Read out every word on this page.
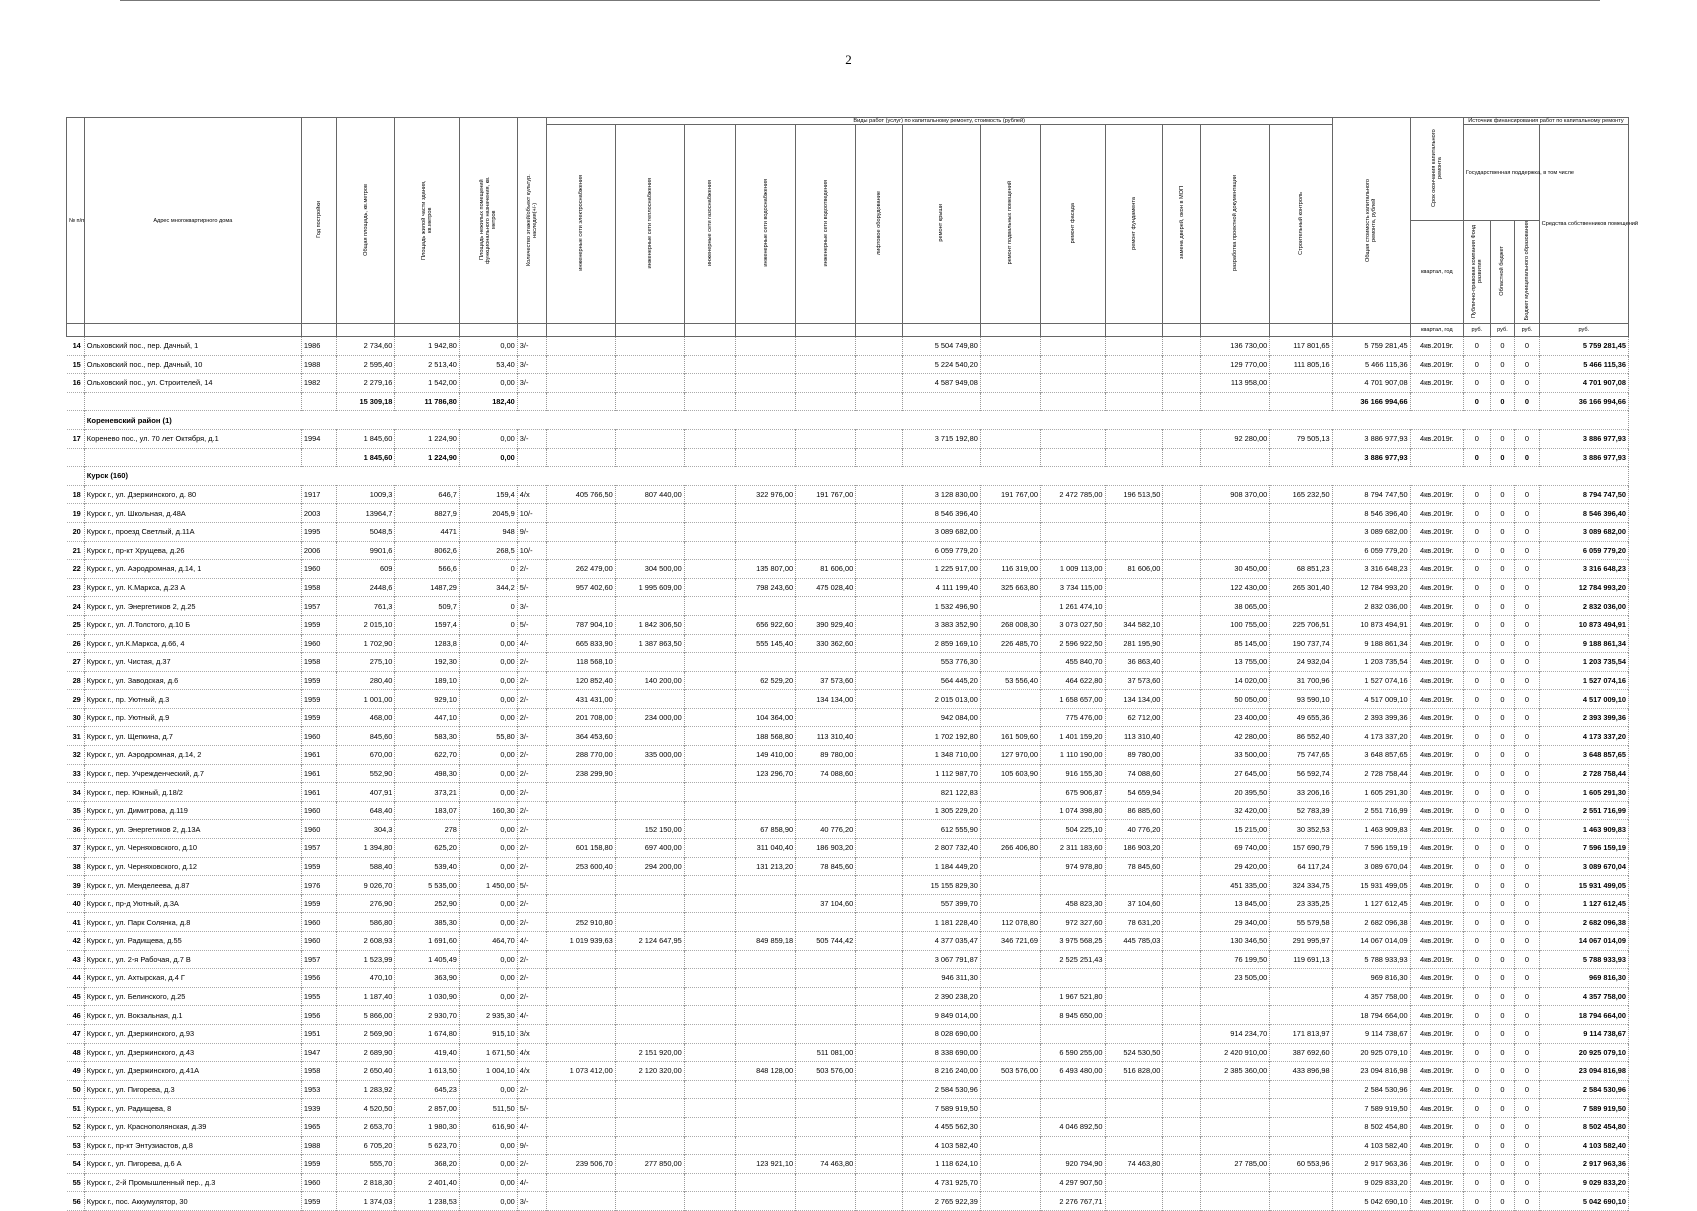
2
№ п/п	Адрес многоквартирного дома	Год постройки	Общая площадь, кв.метров	Площадь жилой части здания, кв.метров	Площадь нежилых помещений функционального назначения, кв. метров	Количество этажей/объект культур. наследия(+/-)	Виды работ (услуг) по капитальному ремонту, стоимость (рублей)													Общая стоимость капитального ремонта, рублей	Срок окончания капитального ремонта	Источник финансирования работ по капитальному ремонту			
							инженерные сети электроснабжения	инженерные сети теплоснабжения	инженерные сети газоснабжения	инженерные сети водоснабжения	инженерные сети водоотведения	лифтовое оборудование	ремонт крыши	ремонт подвальных помещений	ремонт фасада	ремонт фундамента	замена дверей, окон в МОП	разработка проектной документации	Строительный контроль			Государственная поддержка, в том числе			Средства собственников помещений
																					квартал, год	Публично-правовая компания Фонд развития	Областной бюджет	Бюджет муниципального образования	
																					квартал, год	руб.	руб.	руб.	руб.
14	Ольховский пос., пер. Дачный, 1	1986	2 734,60	1 942,80	0,00	3/-							5 504 749,80					136 730,00	117 801,65	5 759 281,45	4кв.2019г.	0	0	0	5 759 281,45
15	Ольховский пос., пер. Дачный, 10	1988	2 595,40	2 513,40	53,40	3/-							5 224 540,20					129 770,00	111 805,16	5 466 115,36	4кв.2019г.	0	0	0	5 466 115,36
16	Ольховский пос., ул. Строителей, 14	1982	2 279,16	1 542,00	0,00	3/-							4 587 949,08					113 958,00		4 701 907,08	4кв.2019г.	0	0	0	4 701 907,08
			15 309,18	11 786,80	182,40															36 166 994,66		0	0	0	36 166 994,66
	Кореневский район (1)																								
17	Коренево пос., ул. 70 лет Октября, д.1	1994	1 845,60	1 224,90	0,00	3/-							3 715 192,80					92 280,00	79 505,13	3 886 977,93	4кв.2019г.	0	0	0	3 886 977,93
			1 845,60	1 224,90	0,00															3 886 977,93		0	0	0	3 886 977,93
	Курск (160)																								
18	Курск г., ул. Дзержинского, д. 80	1917	1009,3	646,7	159,4	4/х	405 766,50	807 440,00		322 976,00	191 767,00		3 128 830,00	191 767,00	2 472 785,00	196 513,50		908 370,00	165 232,50	8 794 747,50	4кв.2019г.	0	0	0	8 794 747,50
19	Курск г., ул. Школьная, д.48А	2003	13964,7	8827,9	2045,9	10/-							8 546 396,40							8 546 396,40	4кв.2019г.	0	0	0	8 546 396,40
20	Курск г., проезд Светлый, д.11А	1995	5048,5	4471	948	9/-							3 089 682,00							3 089 682,00	4кв.2019г.	0	0	0	3 089 682,00
21	Курск г., пр-кт Хрущева, д.26	2006	9901,6	8062,6	268,5	10/-							6 059 779,20							6 059 779,20	4кв.2019г.	0	0	0	6 059 779,20
22	Курск г., ул. Аэродромная, д.14, 1	1960	609	566,6	0	2/-	262 479,00	304 500,00		135 807,00	81 606,00		1 225 917,00	116 319,00	1 009 113,00	81 606,00		30 450,00	68 851,23	3 316 648,23	4кв.2019г.	0	0	0	3 316 648,23
23	Курск г., ул. К.Маркса, д.23 А	1958	2448,6	1487,29	344,2	5/-	957 402,60	1 995 609,00		798 243,60	475 028,40		4 111 199,40	325 663,80	3 734 115,00			122 430,00	265 301,40	12 784 993,20	4кв.2019г.	0	0	0	12 784 993,20
24	Курск г., ул. Энергетиков 2, д.25	1957	761,3	509,7	0	3/-							1 532 496,90		1 261 474,10			38 065,00		2 832 036,00	4кв.2019г.	0	0	0	2 832 036,00
25	Курск г., ул. Л.Толстого, д.10 Б	1959	2 015,10	1597,4	0	5/-	787 904,10	1 842 306,50		656 922,60	390 929,40		3 383 352,90	268 008,30	3 073 027,50	344 582,10		100 755,00	225 706,51	10 873 494,91	4кв.2019г.	0	0	0	10 873 494,91
26	Курск г., ул.К.Маркса, д.66, 4	1960	1 702,90	1283,8	0,00	4/-	665 833,90	1 387 863,50		555 145,40	330 362,60		2 859 169,10	226 485,70	2 596 922,50	281 195,90		85 145,00	190 737,74	9 188 861,34	4кв.2019г.	0	0	0	9 188 861,34
27	Курск г., ул. Чистая, д.37	1958	275,10	192,30	0,00	2/-	118 568,10						553 776,30		455 840,70	36 863,40		13 755,00	24 932,04	1 203 735,54	4кв.2019г.	0	0	0	1 203 735,54
28	Курск г., ул. Заводская, д.6	1959	280,40	189,10	0,00	2/-	120 852,40	140 200,00		62 529,20	37 573,60		564 445,20	53 556,40	464 622,80	37 573,60		14 020,00	31 700,96	1 527 074,16	4кв.2019г.	0	0	0	1 527 074,16
29	Курск г., пр. Уютный, д.3	1959	1 001,00	929,10	0,00	2/-	431 431,00				134 134,00		2 015 013,00		1 658 657,00	134 134,00		50 050,00	93 590,10	4 517 009,10	4кв.2019г.	0	0	0	4 517 009,10
30	Курск г., пр. Уютный, д.9	1959	468,00	447,10	0,00	2/-	201 708,00	234 000,00		104 364,00			942 084,00		775 476,00	62 712,00		23 400,00	49 655,36	2 393 399,36	4кв.2019г.	0	0	0	2 393 399,36
31	Курск г., ул. Щепкина, д.7	1960	845,60	583,30	55,80	3/-	364 453,60			188 568,80	113 310,40		1 702 192,80	161 509,60	1 401 159,20	113 310,40		42 280,00	86 552,40	4 173 337,20	4кв.2019г.	0	0	0	4 173 337,20
32	Курск г., ул. Аэродромная, д.14, 2	1961	670,00	622,70	0,00	2/-	288 770,00	335 000,00		149 410,00	89 780,00		1 348 710,00	127 970,00	1 110 190,00	89 780,00		33 500,00	75 747,65	3 648 857,65	4кв.2019г.	0	0	0	3 648 857,65
33	Курск г., пер. Учрежденческий, д.7	1961	552,90	498,30	0,00	2/-	238 299,90			123 296,70	74 088,60		1 112 987,70	105 603,90	916 155,30	74 088,60		27 645,00	56 592,74	2 728 758,44	4кв.2019г.	0	0	0	2 728 758,44
34	Курск г., пер. Южный, д.18/2	1961	407,91	373,21	0,00	2/-							821 122,83		675 906,87	54 659,94		20 395,50	33 206,16	1 605 291,30	4кв.2019г.	0	0	0	1 605 291,30
35	Курск г., ул. Димитрова, д.119	1960	648,40	183,07	160,30	2/-							1 305 229,20		1 074 398,80	86 885,60		32 420,00	52 783,39	2 551 716,99	4кв.2019г.	0	0	0	2 551 716,99
36	Курск г., ул. Энергетиков 2, д.13А	1960	304,3	278	0,00	2/-		152 150,00		67 858,90	40 776,20		612 555,90		504 225,10	40 776,20		15 215,00	30 352,53	1 463 909,83	4кв.2019г.	0	0	0	1 463 909,83
37	Курск г., ул. Черняховского, д.10	1957	1 394,80	625,20	0,00	2/-	601 158,80	697 400,00		311 040,40	186 903,20		2 807 732,40	266 406,80	2 311 183,60	186 903,20		69 740,00	157 690,79	7 596 159,19	4кв.2019г.	0	0	0	7 596 159,19
38	Курск г., ул. Черняховского, д.12	1959	588,40	539,40	0,00	2/-	253 600,40	294 200,00		131 213,20	78 845,60		1 184 449,20		974 978,80	78 845,60		29 420,00	64 117,24	3 089 670,04	4кв.2019г.	0	0	0	3 089 670,04
39	Курск г., ул. Менделеева, д.87	1976	9 026,70	5 535,00	1 450,00	5/-							15 155 829,30					451 335,00	324 334,75	15 931 499,05	4кв.2019г.	0	0	0	15 931 499,05
40	Курск г., пр-д Уютный, д.3А	1959	276,90	252,90	0,00	2/-					37 104,60		557 399,70		458 823,30	37 104,60		13 845,00	23 335,25	1 127 612,45	4кв.2019г.	0	0	0	1 127 612,45
41	Курск г., ул. Парк Солянка, д.8	1960	586,80	385,30	0,00	2/-	252 910,80						1 181 228,40	112 078,80	972 327,60	78 631,20		29 340,00	55 579,58	2 682 096,38	4кв.2019г.	0	0	0	2 682 096,38
42	Курск г., ул. Радищева, д.55	1960	2 608,93	1 691,60	464,70	4/-	1 019 939,63	2 124 647,95		849 859,18	505 744,42		4 377 035,47	346 721,69	3 975 568,25	445 785,03		130 346,50	291 995,97	14 067 014,09	4кв.2019г.	0	0	0	14 067 014,09
43	Курск г., ул. 2-я Рабочая, д.7 В	1957	1 523,99	1 405,49	0,00	2/-							3 067 791,87		2 525 251,43			76 199,50	119 691,13	5 788 933,93	4кв.2019г.	0	0	0	5 788 933,93
44	Курск г., ул. Ахтырская, д.4 Г	1956	470,10	363,90	0,00	2/-							946 311,30					23 505,00		969 816,30	4кв.2019г.	0	0	0	969 816,30
45	Курск г., ул. Белинского, д.25	1955	1 187,40	1 030,90	0,00	2/-							2 390 238,20		1 967 521,80					4 357 758,00	4кв.2019г.	0	0	0	4 357 758,00
46	Курск г., ул. Вокзальная, д.1	1956	5 866,00	2 930,70	2 935,30	4/-							9 849 014,00		8 945 650,00					18 794 664,00	4кв.2019г.	0	0	0	18 794 664,00
47	Курск г., ул. Дзержинского, д.93	1951	2 569,90	1 674,80	915,10	3/х							8 028 690,00					914 234,70	171 813,97	9 114 738,67	4кв.2019г.	0	0	0	9 114 738,67
48	Курск г., ул. Дзержинского, д.43	1947	2 689,90	419,40	1 671,50	4/х		2 151 920,00			511 081,00		8 338 690,00		6 590 255,00	524 530,50		2 420 910,00	387 692,60	20 925 079,10	4кв.2019г.	0	0	0	20 925 079,10
49	Курск г., ул. Дзержинского, д.41А	1958	2 650,40	1 613,50	1 004,10	4/х	1 073 412,00	2 120 320,00		848 128,00	503 576,00		8 216 240,00	503 576,00	6 493 480,00	516 828,00		2 385 360,00	433 896,98	23 094 816,98	4кв.2019г.	0	0	0	23 094 816,98
50	Курск г., ул. Пигорева, д.3	1953	1 283,92	645,23	0,00	2/-							2 584 530,96							2 584 530,96	4кв.2019г.	0	0	0	2 584 530,96
51	Курск г., ул. Радищева, 8	1939	4 520,50	2 857,00	511,50	5/-							7 589 919,50							7 589 919,50	4кв.2019г.	0	0	0	7 589 919,50
52	Курск г., ул. Краснополянская, д.39	1965	2 653,70	1 980,30	616,90	4/-							4 455 562,30		4 046 892,50					8 502 454,80	4кв.2019г.	0	0	0	8 502 454,80
53	Курск г., пр-кт Энтузиастов, д.8	1988	6 705,20	5 623,70	0,00	9/-							4 103 582,40							4 103 582,40	4кв.2019г.	0	0	0	4 103 582,40
54	Курск г., ул. Пигорева, д.6 А	1959	555,70	368,20	0,00	2/-	239 506,70	277 850,00		123 921,10	74 463,80		1 118 624,10		920 794,90	74 463,80		27 785,00	60 553,96	2 917 963,36	4кв.2019г.	0	0	0	2 917 963,36
55	Курск г., 2-й Промышленный пер., д.3	1960	2 818,30	2 401,40	0,00	4/-							4 731 925,70		4 297 907,50					9 029 833,20	4кв.2019г.	0	0	0	9 029 833,20
56	Курск г., пос. Аккумулятор, 30	1959	1 374,03	1 238,53	0,00	3/-							2 765 922,39		2 276 767,71					5 042 690,10	4кв.2019г.	0	0	0	5 042 690,10
